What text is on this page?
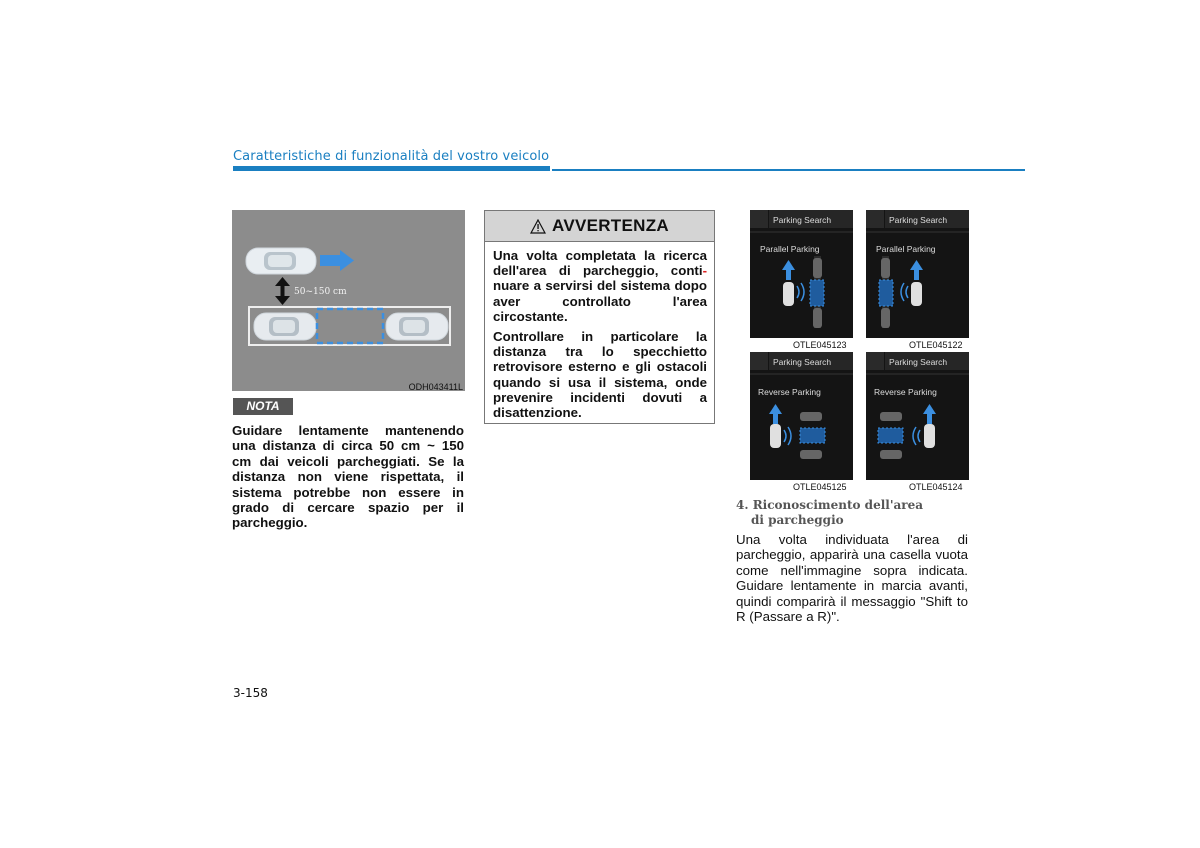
Caratteristiche di funzionalità del vostro veicolo
50~150 cm
ODH043411L
NOTA
Guidare lentamente mantenendo una distanza di circa 50 cm ~ 150 cm dai veicoli parcheggiati. Se la distanza non viene rispettata, il sistema potrebbe non essere in grado di cercare spazio per il parcheggio.
AVVERTENZA

Una volta completata la ricerca dell'area di parcheggio, conti-nuare a servirsi del sistema dopo aver controllato l'area circostante.

Controllare in particolare la distanza tra lo specchietto retrovisore esterno e gli ostacoli quando si usa il sistema, onde prevenire incidenti dovuti a disattenzione.

Parking Search
Parallel Parking
OTLE045123
Parking Search
Parallel Parking
OTLE045122
Parking Search
Reverse Parking
OTLE045125
Parking Search
Reverse Parking
OTLE045124
4. Riconoscimento dell'area
di parcheggio
Una volta individuata l'area di parcheggio, apparirà una casella vuota come nell'immagine sopra indicata. Guidare lentamente in marcia avanti, quindi comparirà il messaggio "Shift to R (Passare a R)".
3-158
